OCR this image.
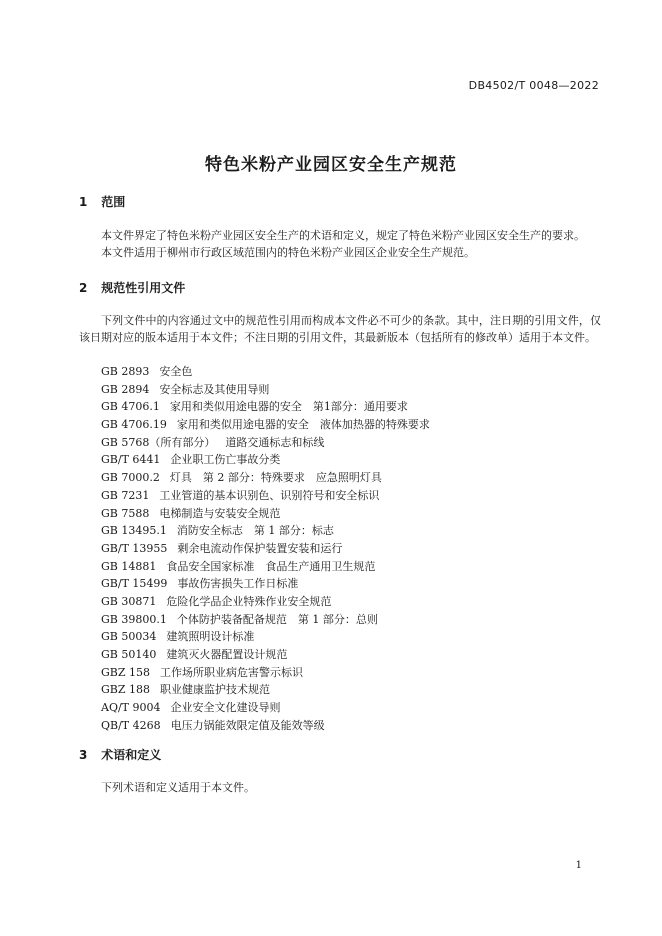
DB4502/T 0048—2022
特色米粉产业园区安全生产规范
1 范围

本文件界定了特色米粉产业园区安全生产的术语和定义，规定了特色米粉产业园区安全生产的要求。

本文件适用于柳州市行政区域范围内的特色米粉产业园区企业安全生产规范。

2 规范性引用文件

下列文件中的内容通过文中的规范性引用而构成本文件必不可少的条款。其中，注日期的引用文件，仅该日期对应的版本适用于本文件；不注日期的引用文件，其最新版本（包括所有的修改单）适用于本文件。

GB 2893 安全色
GB 2894 安全标志及其使用导则
GB 4706.1 家用和类似用途电器的安全　第1部分：通用要求
GB 4706.19 家用和类似用途电器的安全　液体加热器的特殊要求
GB 5768（所有部分） 道路交通标志和标线
GB/T 6441 企业职工伤亡事故分类
GB 7000.2 灯具　第 2 部分：特殊要求　应急照明灯具
GB 7231 工业管道的基本识别色、识别符号和安全标识
GB 7588 电梯制造与安装安全规范
GB 13495.1 消防安全标志　第 1 部分：标志
GB/T 13955 剩余电流动作保护装置安装和运行
GB 14881 食品安全国家标准　食品生产通用卫生规范
GB/T 15499 事故伤害损失工作日标准
GB 30871 危险化学品企业特殊作业安全规范
GB 39800.1 个体防护装备配备规范　第 1 部分：总则
GB 50034 建筑照明设计标准
GB 50140 建筑灭火器配置设计规范
GBZ 158 工作场所职业病危害警示标识
GBZ 188 职业健康监护技术规范
AQ/T 9004 企业安全文化建设导则
QB/T 4268 电压力锅能效限定值及能效等级
3 术语和定义

下列术语和定义适用于本文件。

1
